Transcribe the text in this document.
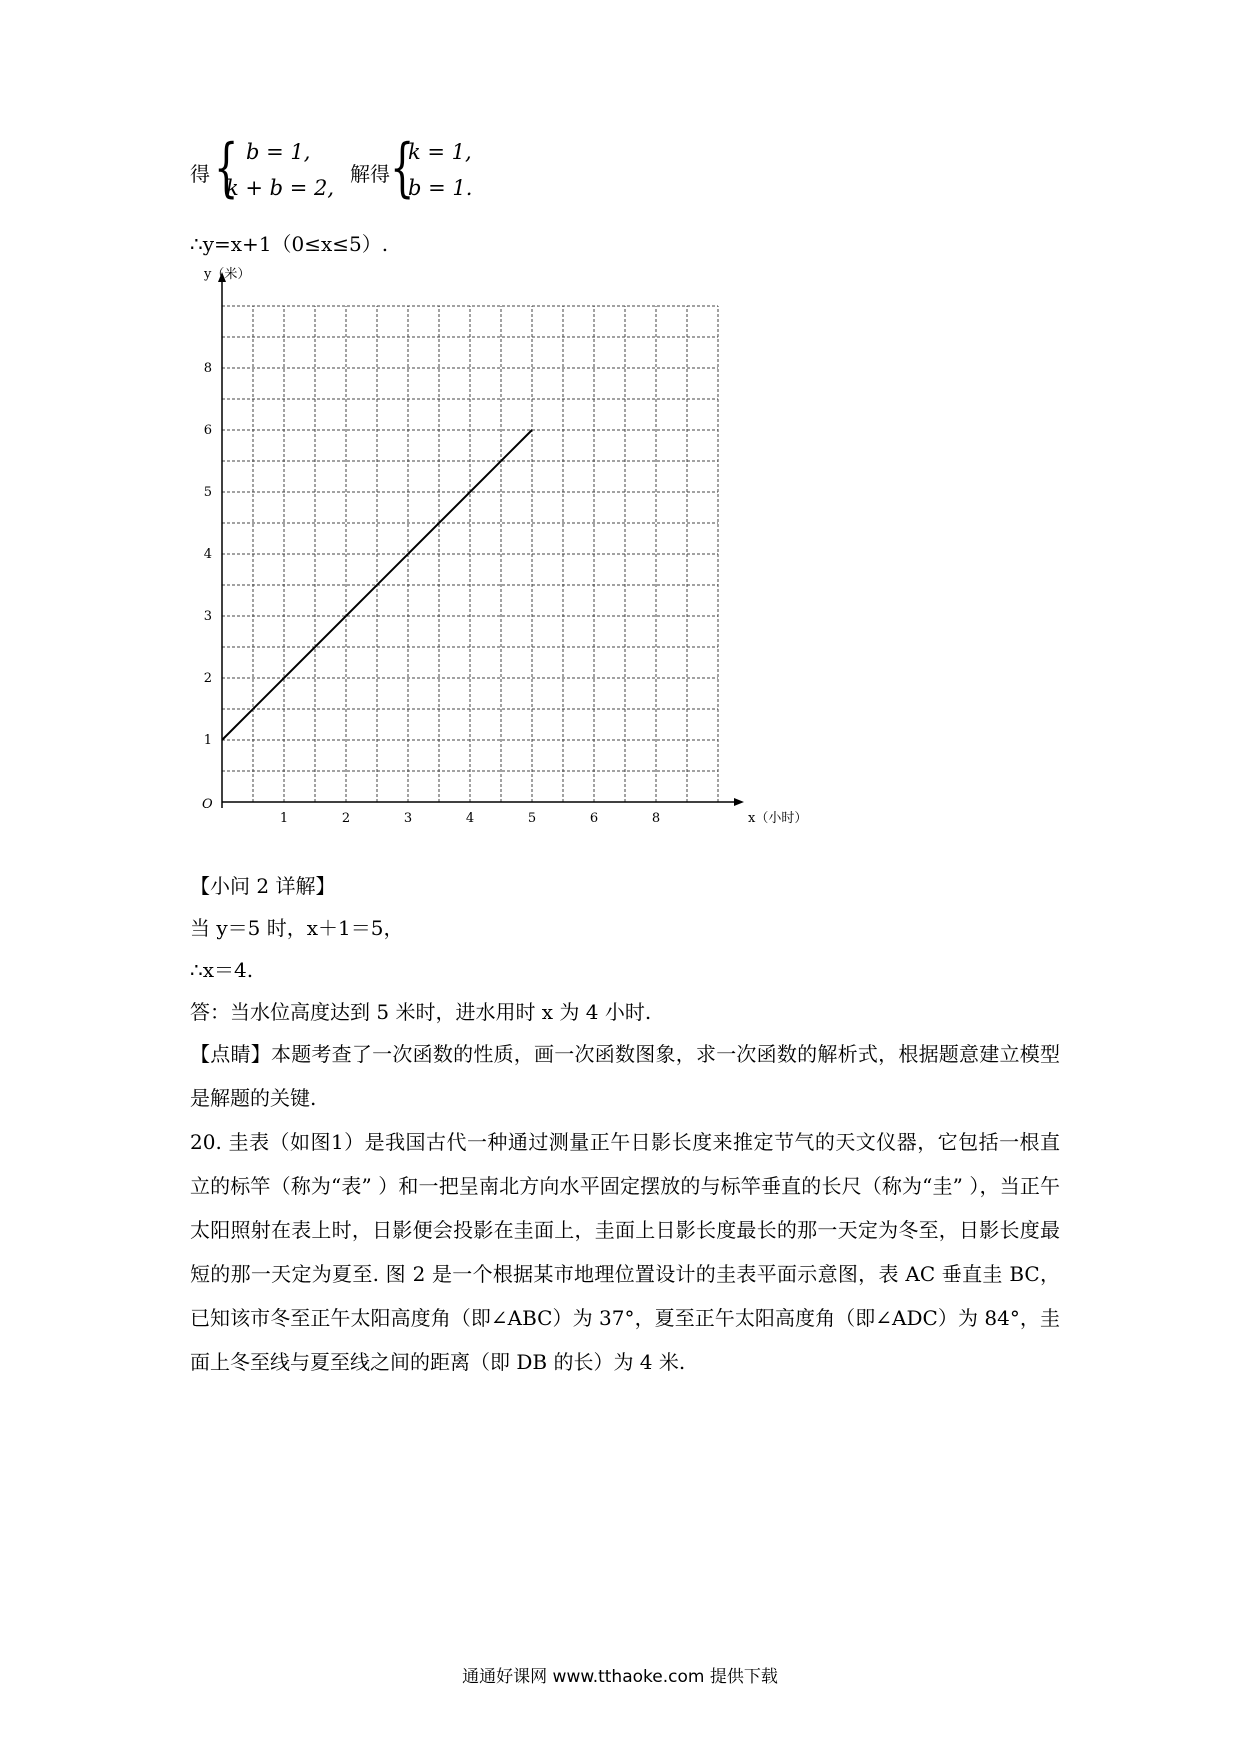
得 { b = 1,
k + b = 2,
解得 {
k = 1,
b = 1.
∴y=x+1（0≤x≤5）.
1	2	3	4	5	6	8
1
2
3
4
5
6
8
y（米）
x（小时）
O
【小问 2 详解】
当 y＝5 时，x＋1＝5，
∴x＝4.
答：当水位高度达到 5 米时，进水用时 x 为 4 小时.

【点睛】本题考查了一次函数的性质，画一次函数图象，求一次函数的解析式，根据题意建立模型是解题的关键.

20. 圭表（如图1）是我国古代一种通过测量正午日影长度来推定节气的天文仪器，它包括一根直立的标竿（称为“表” ）和一把呈南北方向水平固定摆放的与标竿垂直的长尺（称为“圭” ），当正午太阳照射在表上时，日影便会投影在圭面上，圭面上日影长度最长的那一天定为冬至，日影长度最短的那一天定为夏至. 图 2 是一个根据某市地理位置设计的圭表平面示意图，表 AC 垂直圭 BC，已知该市冬至正午太阳高度角（即∠ABC）为 37°，夏至正午太阳高度角（即∠ADC）为 84°，圭面上冬至线与夏至线之间的距离（即 DB 的长）为 4 米.

通通好课网 www.tthaoke.com 提供下载
